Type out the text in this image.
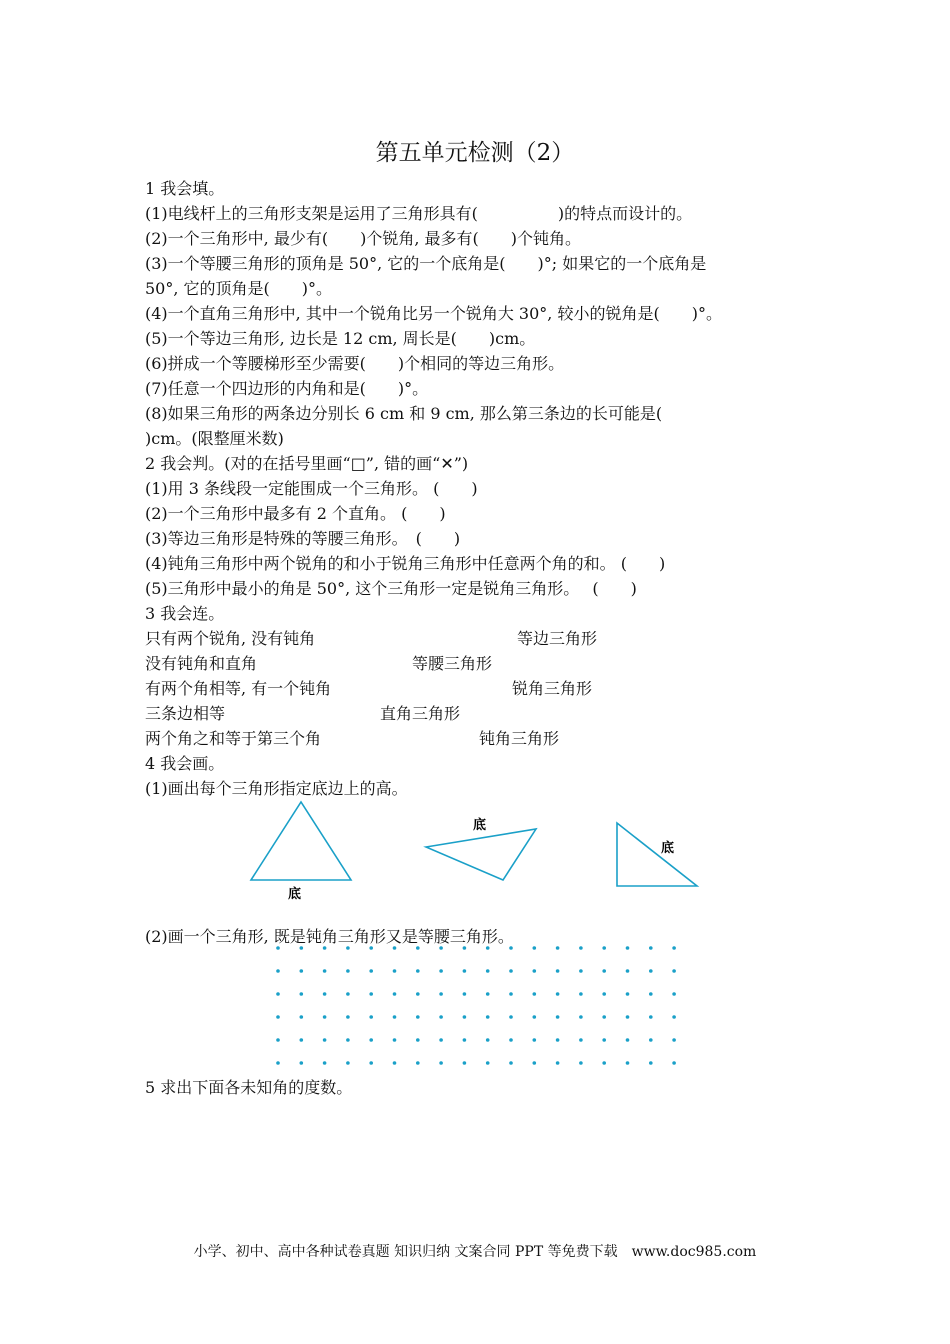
第五单元检测（2）
1 我会填。
(1)电线杆上的三角形支架是运用了三角形具有(　　　　　)的特点而设计的。
(2)一个三角形中, 最少有(　　)个锐角, 最多有(　　)个钝角。
(3)一个等腰三角形的顶角是 50°, 它的一个底角是(　　)°; 如果它的一个底角是
50°, 它的顶角是(　　)°。
(4)一个直角三角形中, 其中一个锐角比另一个锐角大 30°, 较小的锐角是(　　)°。
(5)一个等边三角形, 边长是 12 cm, 周长是(　　)cm。
(6)拼成一个等腰梯形至少需要(　　)个相同的等边三角形。
(7)任意一个四边形的内角和是(　　)°。
(8)如果三角形的两条边分别长 6 cm 和 9 cm, 那么第三条边的长可能是(
)cm。(限整厘米数)
2 我会判。(对的在括号里画“□”, 错的画“✕”)
(1)用 3 条线段一定能围成一个三角形。 (　　)
(2)一个三角形中最多有 2 个直角。 (　　)
(3)等边三角形是特殊的等腰三角形。　(　　)
(4)钝角三角形中两个锐角的和小于锐角三角形中任意两个角的和。 (　　)
(5)三角形中最小的角是 50°, 这个三角形一定是锐角三角形。　 (　　)
3 我会连。
只有两个锐角, 没有钝角	等边三角形
没有钝角和直角	等腰三角形
有两个角相等, 有一个钝角	锐角三角形
三条边相等	直角三角形
两个角之和等于第三个角	钝角三角形
4 我会画。
(1)画出每个三角形指定底边上的高。
底
底
底
(2)画一个三角形, 既是钝角三角形又是等腰三角形。
5 求出下面各未知角的度数。
小学、初中、高中各种试卷真题 知识归纳 文案合同 PPT 等免费下载　www.doc985.com
